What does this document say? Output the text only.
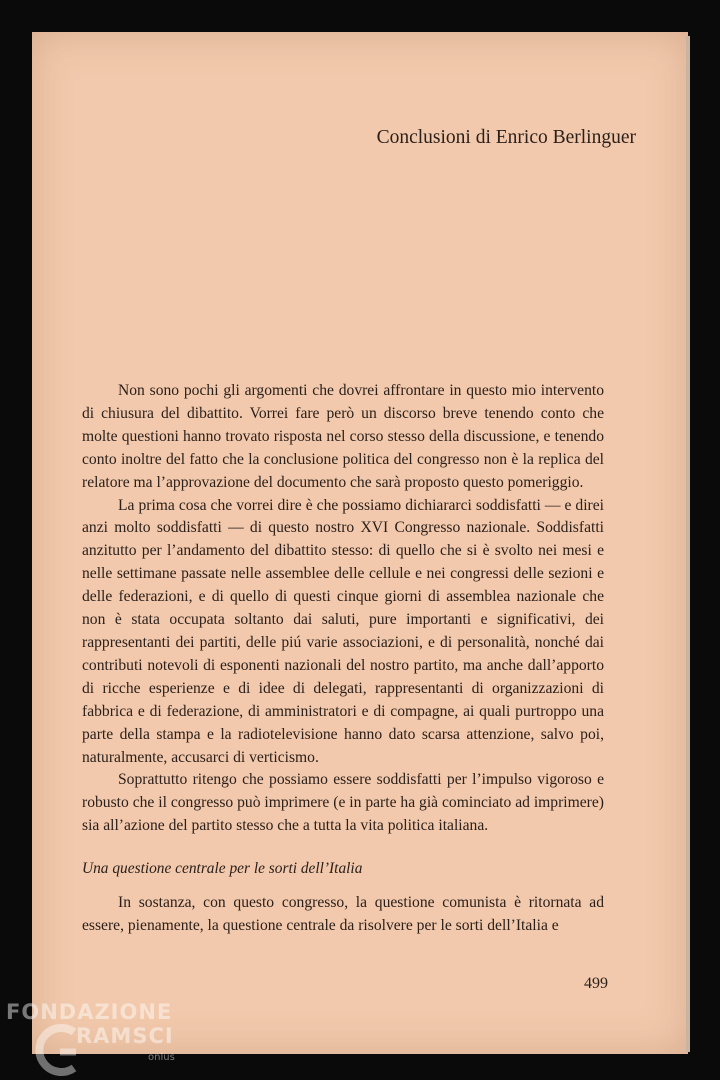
Conclusioni di Enrico Berlinguer

Non sono pochi gli argomenti che dovrei affrontare in questo mio intervento di chiusura del dibattito. Vorrei fare però un discorso breve tenendo conto che molte questioni hanno trovato risposta nel corso stesso della discussione, e tenendo conto inoltre del fatto che la conclusione politica del congresso non è la replica del relatore ma l’approvazione del documento che sarà proposto questo pomeriggio.

La prima cosa che vorrei dire è che possiamo dichiararci soddisfatti — e direi anzi molto soddisfatti — di questo nostro XVI Congresso nazionale. Soddisfatti anzitutto per l’andamento del dibattito stesso: di quello che si è svolto nei mesi e nelle settimane passate nelle assemblee delle cellule e nei congressi delle sezioni e delle federazioni, e di quello di questi cinque giorni di assemblea nazionale che non è stata occupata soltanto dai saluti, pure importanti e significativi, dei rappresentanti dei partiti, delle piú varie associazioni, e di personalità, nonché dai contributi notevoli di esponenti nazionali del nostro partito, ma anche dall’apporto di ricche esperienze e di idee di delegati, rappresentanti di organizzazioni di fabbrica e di federazione, di amministratori e di compagne, ai quali purtroppo una parte della stampa e la radiotelevisione hanno dato scarsa attenzione, salvo poi, naturalmente, accusarci di verticismo.

Soprattutto ritengo che possiamo essere soddisfatti per l’impulso vigoroso e robusto che il congresso può imprimere (e in parte ha già cominciato ad imprimere) sia all’azione del partito stesso che a tutta la vita politica italiana.

Una questione centrale per le sorti dell’Italia

In sostanza, con questo congresso, la questione comunista è ritornata ad essere, pienamente, la questione centrale da risolvere per le sorti dell’Italia e

499
FONDAZIONE
RAMSCI
onlus
